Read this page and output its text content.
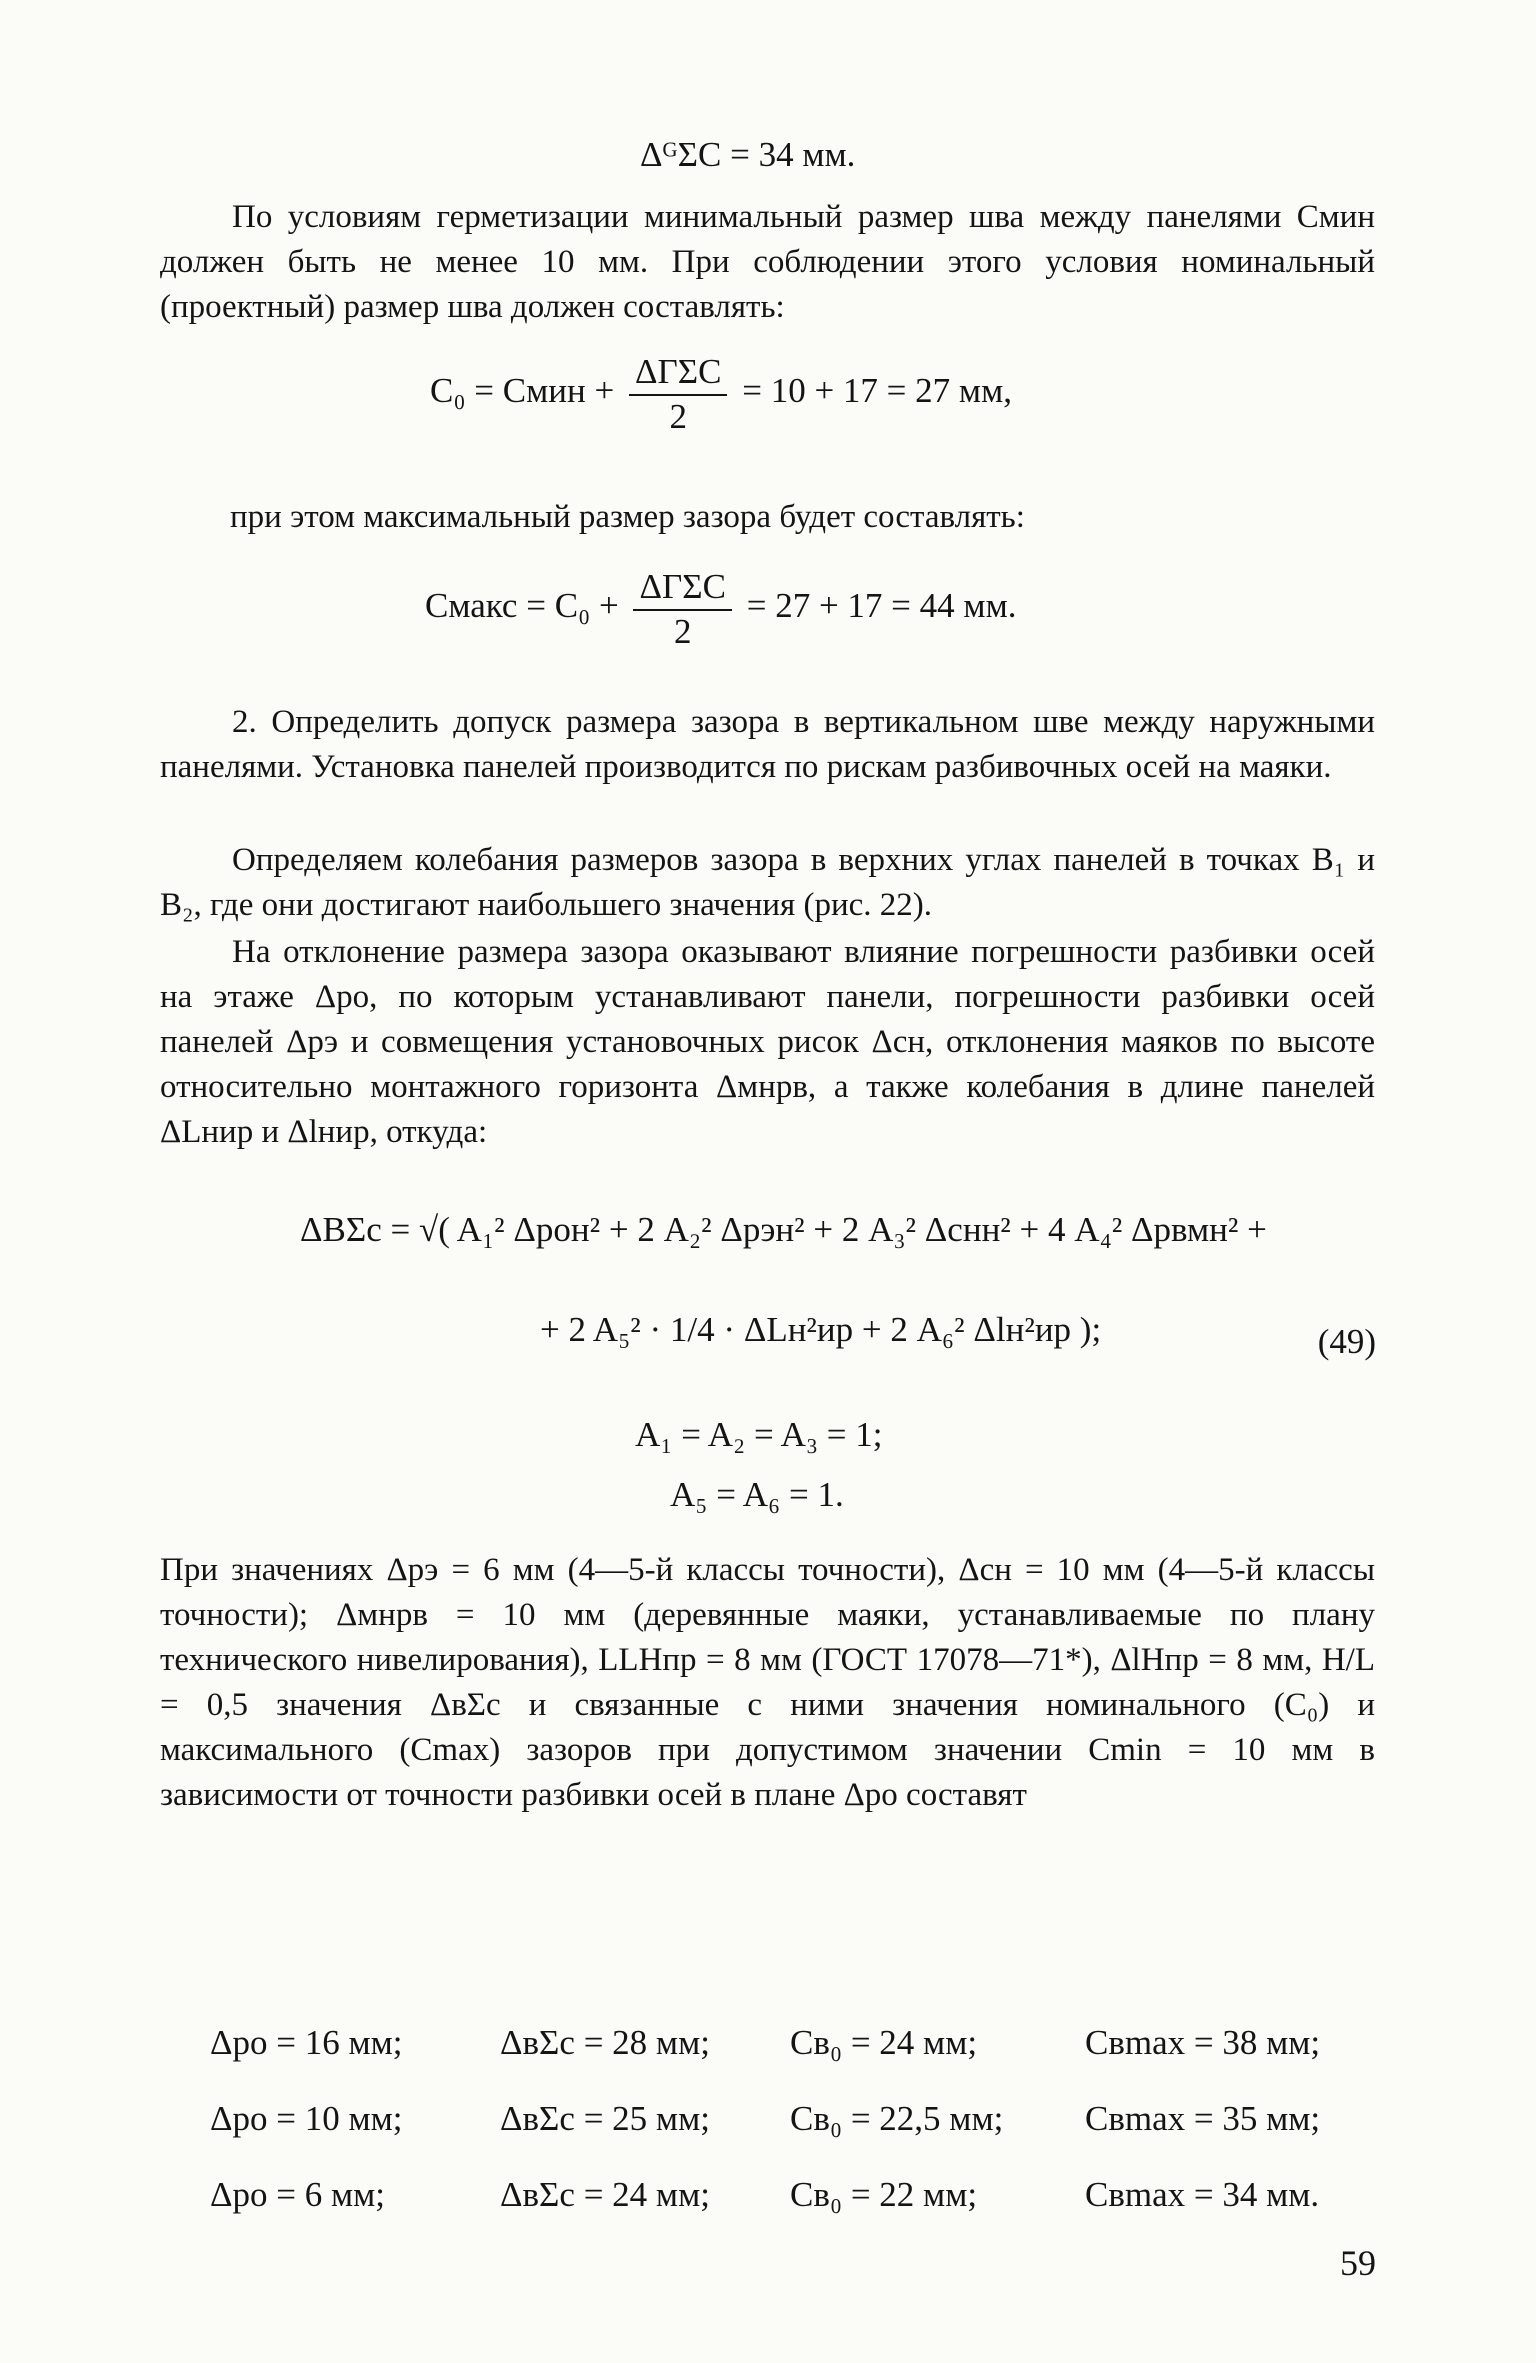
ΔᴳΣC = 34 мм.

По условиям герметизации минимальный размер шва между панелями Cмин должен быть не менее 10 мм. При соблюдении этого условия номинальный (проектный) размер шва должен составлять:

C₀ = Cмин + $\frac{\text{ΔΓΣC}}{2} = 10 + 17 = 27$ мм,

при этом максимальный размер зазора будет составлять:

Cмакс = $C_0 + \frac{\text{ΔΓΣC}}{2} = 27 + 17 = 44$ мм.

2. Определить допуск размера зазора в вертикальном шве между наружными панелями. Установка панелей производится по рискам разбивочных осей на маяки.

Определяем колебания размеров зазора в верхних углах панелей в точках B₁ и B₂, где они достигают наибольшего значения (рис. 22).

На отклонение размера зазора оказывают влияние погрешности разбивки осей на этаже Δpo, по которым устанавливают панели, погрешности разбивки осей панелей Δpэ и совмещения установочных рисок Δсн, отклонения маяков по высоте относительно монтажного горизонта Δмнрв, а также колебания в длине панелей ΔLнир и Δlнир, откуда:

ΔBΣc = √( A₁² Δpoн² + 2 A₂² Δpэн² + 2 A₃² Δснн² + 4 A₄² Δрвмн² +
+ 2 A₅² · 1/4 · ΔLн²ир + 2 A₆² Δlн²ир );	(49)
A₁ = A₂ = A₃ = 1;
A₅ = A₆ = 1.

При значениях Δpэ = 6 мм (4—5-й классы точности), Δсн = 10 мм (4—5-й классы точности); Δмнрв = 10 мм (деревянные маяки, устанавливаемые по плану технического нивелирования), LLHпр = 8 мм (ГОСТ 17078—71*), ΔlHпр = 8 мм, H/L = 0,5 значения ΔвΣc и связанные с ними значения номинального (C₀) и максимального (Cmax) зазоров при допустимом значении Cmin = 10 мм в зависимости от точности разбивки осей в плане Δpo составят

Δpo = 16 мм;	ΔвΣc = 28 мм;	Cв₀ = 24 мм;	Cвmax = 38 мм;
Δpo = 10 мм;	ΔвΣc = 25 мм;	Cв₀ = 22,5 мм;	Cвmax = 35 мм;
Δpo = 6 мм;	ΔвΣc = 24 мм;	Cв₀ = 22 мм;	Cвmax = 34 мм.
59
